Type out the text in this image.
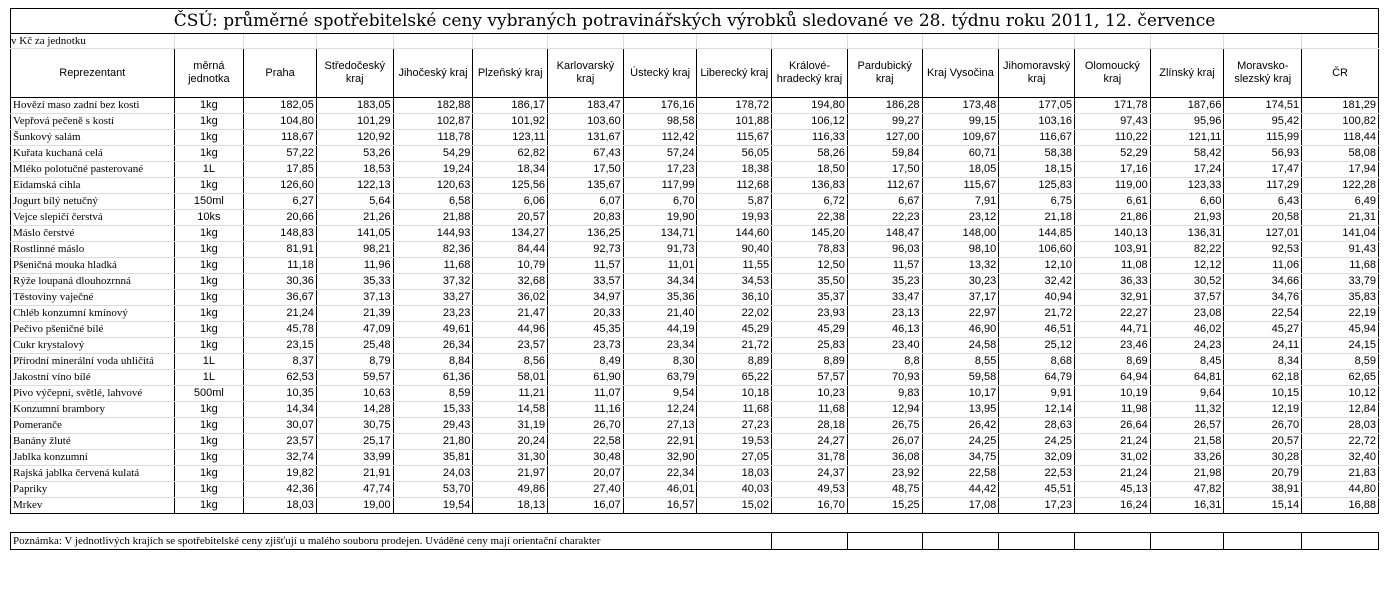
ČSÚ: průměrné spotřebitelské ceny vybraných potravinářských výrobků sledované ve 28. týdnu roku 2011, 12. července																
v Kč za jednotku																
Reprezentant	měrná jednotka	Praha	Středočeský kraj	Jihočeský kraj	Plzeňský kraj	Karlovarský kraj	Ústecký kraj	Liberecký kraj	Králové-hradecký kraj	Pardubický kraj	Kraj Vysočina	Jihomoravský kraj	Olomoucký kraj	Zlínský kraj	Moravsko-slezský kraj	ČR
Hovězí maso zadní bez kosti	1kg	182,05	183,05	182,88	186,17	183,47	176,16	178,72	194,80	186,28	173,48	177,05	171,78	187,66	174,51	181,29
Vepřová pečeně s kostí	1kg	104,80	101,29	102,87	101,92	103,60	98,58	101,88	106,12	99,27	99,15	103,16	97,43	95,96	95,42	100,82
Šunkový salám	1kg	118,67	120,92	118,78	123,11	131,67	112,42	115,67	116,33	127,00	109,67	116,67	110,22	121,11	115,99	118,44
Kuřata kuchaná celá	1kg	57,22	53,26	54,29	62,82	67,43	57,24	56,05	58,26	59,84	60,71	58,38	52,29	58,42	56,93	58,08
Mléko polotučné pasterované	1L	17,85	18,53	19,24	18,34	17,50	17,23	18,38	18,50	17,50	18,05	18,15	17,16	17,24	17,47	17,94
Eidamská cihla	1kg	126,60	122,13	120,63	125,56	135,67	117,99	112,68	136,83	112,67	115,67	125,83	119,00	123,33	117,29	122,28
Jogurt bílý netučný	150ml	6,27	5,64	6,58	6,06	6,07	6,70	5,87	6,72	6,67	7,91	6,75	6,61	6,60	6,43	6,49
Vejce slepičí čerstvá	10ks	20,66	21,26	21,88	20,57	20,83	19,90	19,93	22,38	22,23	23,12	21,18	21,86	21,93	20,58	21,31
Máslo čerstvé	1kg	148,83	141,05	144,93	134,27	136,25	134,71	144,60	145,20	148,47	148,00	144,85	140,13	136,31	127,01	141,04
Rostlinné máslo	1kg	81,91	98,21	82,36	84,44	92,73	91,73	90,40	78,83	96,03	98,10	106,60	103,91	82,22	92,53	91,43
Pšeničná mouka hladká	1kg	11,18	11,96	11,68	10,79	11,57	11,01	11,55	12,50	11,57	13,32	12,10	11,08	12,12	11,06	11,68
Rýže loupaná dlouhozrnná	1kg	30,36	35,33	37,32	32,68	33,57	34,34	34,53	35,50	35,23	30,23	32,42	36,33	30,52	34,66	33,79
Těstoviny vaječné	1kg	36,67	37,13	33,27	36,02	34,97	35,36	36,10	35,37	33,47	37,17	40,94	32,91	37,57	34,76	35,83
Chléb konzumní kmínový	1kg	21,24	21,39	23,23	21,47	20,33	21,40	22,02	23,93	23,13	22,97	21,72	22,27	23,08	22,54	22,19
Pečivo pšeničné bílé	1kg	45,78	47,09	49,61	44,96	45,35	44,19	45,29	45,29	46,13	46,90	46,51	44,71	46,02	45,27	45,94
Cukr krystalový	1kg	23,15	25,48	26,34	23,57	23,73	23,34	21,72	25,83	23,40	24,58	25,12	23,46	24,23	24,11	24,15
Přírodní minerální voda uhličitá	1L	8,37	8,79	8,84	8,56	8,49	8,30	8,89	8,89	8,8	8,55	8,68	8,69	8,45	8,34	8,59
Jakostní víno bílé	1L	62,53	59,57	61,36	58,01	61,90	63,79	65,22	57,57	70,93	59,58	64,79	64,94	64,81	62,18	62,65
Pivo výčepní, světlé, lahvové	500ml	10,35	10,63	8,59	11,21	11,07	9,54	10,18	10,23	9,83	10,17	9,91	10,19	9,64	10,15	10,12
Konzumní brambory	1kg	14,34	14,28	15,33	14,58	11,16	12,24	11,68	11,68	12,94	13,95	12,14	11,98	11,32	12,19	12,84
Pomeranče	1kg	30,07	30,75	29,43	31,19	26,70	27,13	27,23	28,18	26,75	26,42	28,63	26,64	26,57	26,70	28,03
Banány žluté	1kg	23,57	25,17	21,80	20,24	22,58	22,91	19,53	24,27	26,07	24,25	24,25	21,24	21,58	20,57	22,72
Jablka konzumní	1kg	32,74	33,99	35,81	31,30	30,48	32,90	27,05	31,78	36,08	34,75	32,09	31,02	33,26	30,28	32,40
Rajská jablka červená kulatá	1kg	19,82	21,91	24,03	21,97	20,07	22,34	18,03	24,37	23,92	22,58	22,53	21,24	21,98	20,79	21,83
Papriky	1kg	42,36	47,74	53,70	49,86	27,40	46,01	40,03	49,53	48,75	44,42	45,51	45,13	47,82	38,91	44,80
Mrkev	1kg	18,03	19,00	19,54	18,13	16,07	16,57	15,02	16,70	15,25	17,08	17,23	16,24	16,31	15,14	16,88

Poznámka: V jednotlivých krajích se spotřebitelské ceny zjišťují u malého souboru prodejen. Uváděné ceny mají orientační charakter																
